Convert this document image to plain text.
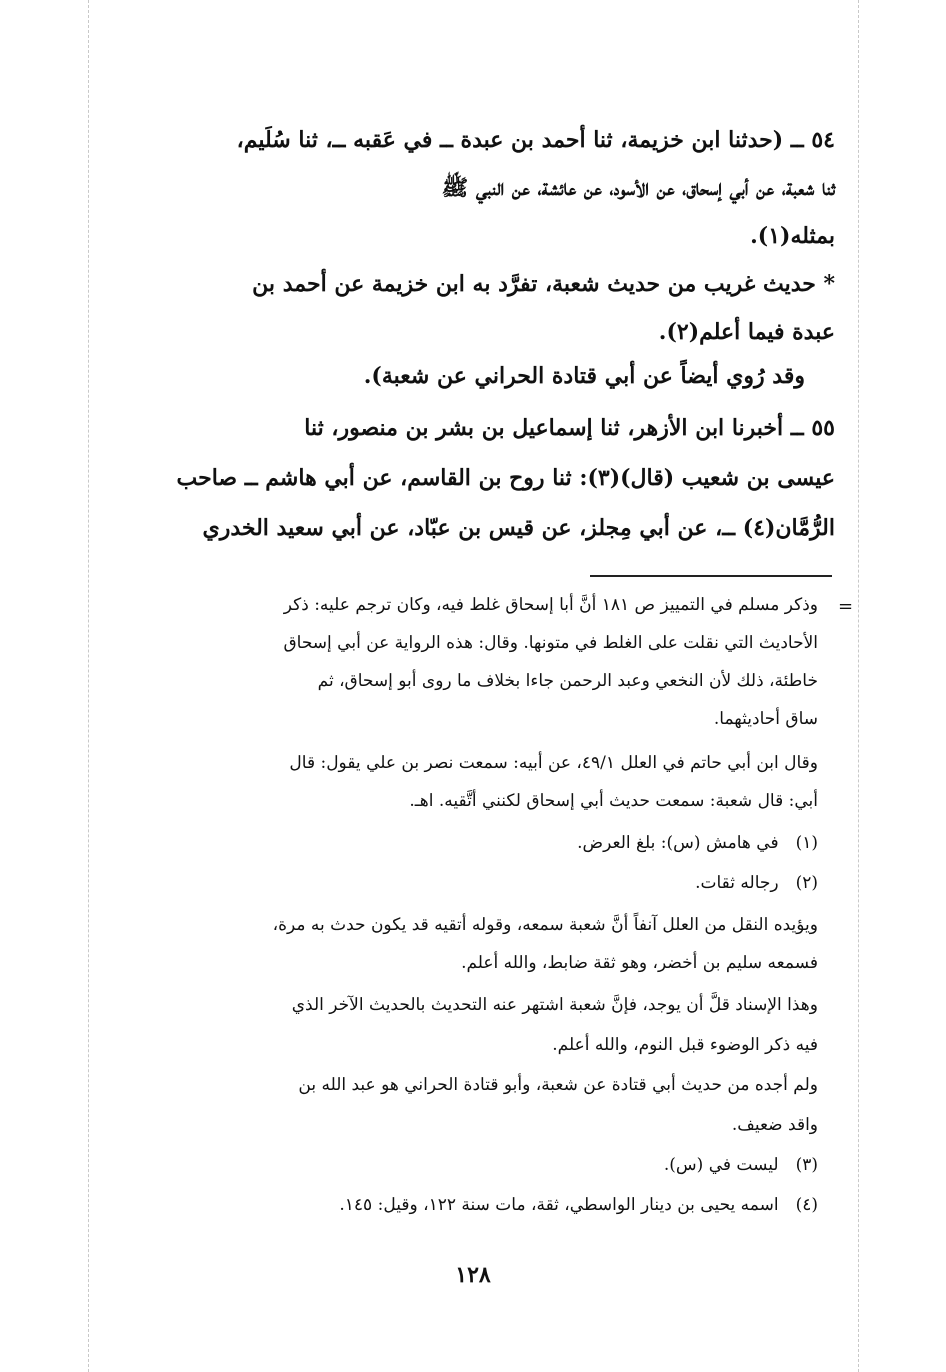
٥٤ ــ (حدثنا ابن خزيمة، ثنا أحمد بن عبدة ــ في عَقبه ــ، ثنا سُلَيم،
ثنا شعبة، عن أبي إسحاق، عن الأسود، عن عائشة، عن النبي ﷺ
بمثله(١).
* حديث غريب من حديث شعبة، تفرَّد به ابن خزيمة عن أحمد بن
عبدة فيما أعلم(٢).
وقد رُوي أيضاً عن أبي قتادة الحراني عن شعبة).
٥٥ ــ أخبرنا ابن الأزهر، ثنا إسماعيل بن بشر بن منصور، ثنا
عيسى بن شعيب (قال)(٣): ثنا روح بن القاسم، عن أبي هاشم ــ صاحب
الرُّمَّان(٤) ــ، عن أبي مِجلز، عن قيس بن عبّاد، عن أبي سعيد الخدري
=
وذكر مسلم في التمييز ص ١٨١ أنَّ أبا إسحاق غلط فيه، وكان ترجم عليه: ذكر
الأحاديث التي نقلت على الغلط في متونها. وقال: هذه الرواية عن أبي إسحاق
خاطئة، ذلك لأن النخعي وعبد الرحمن جاءا بخلاف ما روى أبو إسحاق، ثم
ساق أحاديثهما.
وقال ابن أبي حاتم في العلل ٤٩/١، عن أبيه: سمعت نصر بن علي يقول: قال
أبي: قال شعبة: سمعت حديث أبي إسحاق لكنني أتَّقيه. اهـ.
(١) في هامش (س): بلغ العرض.
(٢) رجاله ثقات.
ويؤيده النقل من العلل آنفاً أنَّ شعبة سمعه، وقوله أتقيه قد يكون حدث به مرة،
فسمعه سليم بن أخضر، وهو ثقة ضابط، والله أعلم.
وهذا الإسناد قلَّ أن يوجد، فإنَّ شعبة اشتهر عنه التحديث بالحديث الآخر الذي
فيه ذكر الوضوء قبل النوم، والله أعلم.
ولم أجده من حديث أبي قتادة عن شعبة، وأبو قتادة الحراني هو عبد الله بن
واقد ضعيف.
(٣) ليست في (س).
(٤) اسمه يحيى بن دينار الواسطي، ثقة، مات سنة ١٢٢، وقيل: ١٤٥.
١٢٨
